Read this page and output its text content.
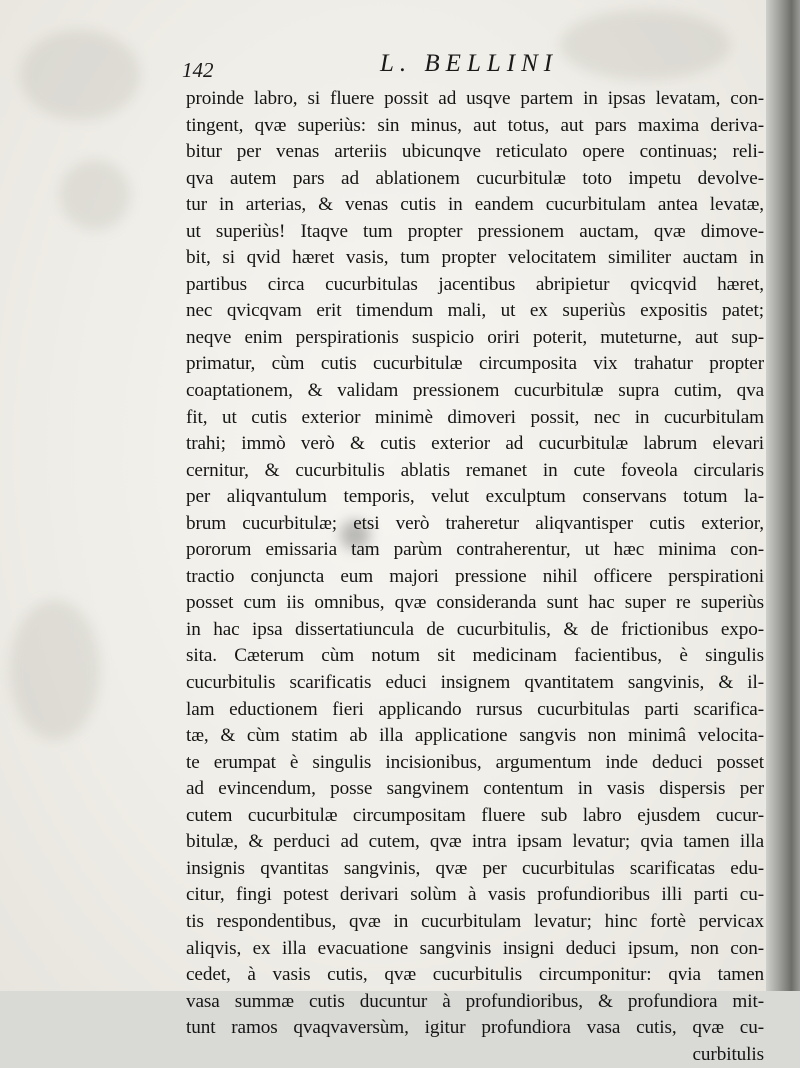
142	L. BELLINI
proinde labro, si fluere possit ad usqve partem in ipsas levatam, con-
tingent, qvæ superiùs: sin minus, aut totus, aut pars maxima deriva-
bitur per venas arteriis ubicunqve reticulato opere continuas; reli-
qva autem pars ad ablationem cucurbitulæ toto impetu devolve-
tur in arterias, & venas cutis in eandem cucurbitulam antea levatæ,
ut superiùs! Itaqve tum propter pressionem auctam, qvæ dimove-
bit, si qvid hæret vasis, tum propter velocitatem similiter auctam in
partibus circa cucurbitulas jacentibus abripietur qvicqvid hæret,
nec qvicqvam erit timendum mali, ut ex superiùs expositis patet;
neqve enim perspirationis suspicio oriri poterit, muteturne, aut sup-
primatur, cùm cutis cucurbitulæ circumposita vix trahatur propter
coaptationem, & validam pressionem cucurbitulæ supra cutim, qva
fit, ut cutis exterior minimè dimoveri possit, nec in cucurbitulam
trahi; immò verò & cutis exterior ad cucurbitulæ labrum elevari
cernitur, & cucurbitulis ablatis remanet in cute foveola circularis
per aliqvantulum temporis, velut exculptum conservans totum la-
brum cucurbitulæ; etsi verò traheretur aliqvantisper cutis exterior,
pororum emissaria tam parùm contraherentur, ut hæc minima con-
tractio conjuncta eum majori pressione nihil officere perspirationi
posset cum iis omnibus, qvæ consideranda sunt hac super re superiùs
in hac ipsa dissertatiuncula de cucurbitulis, & de frictionibus expo-
sita. Cæterum cùm notum sit medicinam facientibus, è singulis
cucurbitulis scarificatis educi insignem qvantitatem sangvinis, & il-
lam eductionem fieri applicando rursus cucurbitulas parti scarifica-
tæ, & cùm statim ab illa applicatione sangvis non minimâ velocita-
te erumpat è singulis incisionibus, argumentum inde deduci posset
ad evincendum, posse sangvinem contentum in vasis dispersis per
cutem cucurbitulæ circumpositam fluere sub labro ejusdem cucur-
bitulæ, & perduci ad cutem, qvæ intra ipsam levatur; qvia tamen illa
insignis qvantitas sangvinis, qvæ per cucurbitulas scarificatas edu-
citur, fingi potest derivari solùm à vasis profundioribus illi parti cu-
tis respondentibus, qvæ in cucurbitulam levatur; hinc fortè pervicax
aliqvis, ex illa evacuatione sangvinis insigni deduci ipsum, non con-
cedet, à vasis cutis, qvæ cucurbitulis circumponitur: qvia tamen
vasa summæ cutis ducuntur à profundioribus, & profundiora mit-
tunt ramos qvaqvaversùm, igitur profundiora vasa cutis, qvæ cu-
curbitulis
